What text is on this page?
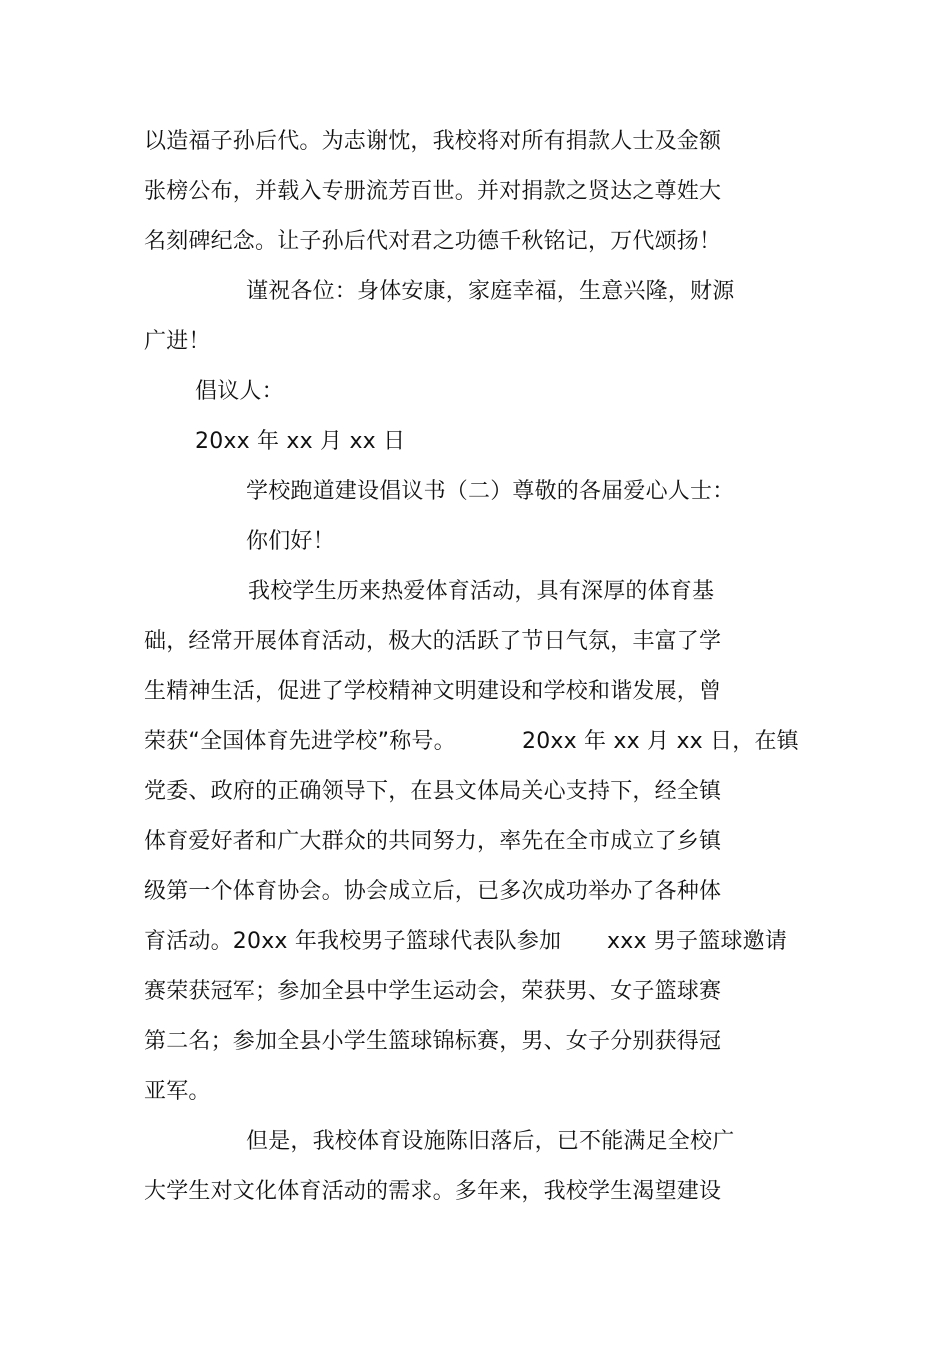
以造福子孙后代。为志谢忱，我校将对所有捐款人士及金额
张榜公布，并载入专册流芳百世。并对捐款之贤达之尊姓大
名刻碑纪念。让子孙后代对君之功德千秋铭记，万代颂扬！
谨祝各位：身体安康，家庭幸福，生意兴隆，财源
广进！
倡议人：
20xx 年 xx 月 xx 日
学校跑道建设倡议书（二）尊敬的各届爱心人士：
你们好！
我校学生历来热爱体育活动，具有深厚的体育基
础，经常开展体育活动，极大的活跃了节日气氛，丰富了学
生精神生活，促进了学校精神文明建设和学校和谐发展，曾
荣获“全国体育先进学校”称号。	20xx 年 xx 月 xx 日，在镇
党委、政府的正确领导下，在县文体局关心支持下，经全镇
体育爱好者和广大群众的共同努力，率先在全市成立了乡镇
级第一个体育协会。协会成立后，已多次成功举办了各种体
育活动。20xx 年我校男子篮球代表队参加 xxx 男子篮球邀请
赛荣获冠军；参加全县中学生运动会，荣获男、女子篮球赛
第二名；参加全县小学生篮球锦标赛，男、女子分别获得冠
亚军。
但是，我校体育设施陈旧落后，已不能满足全校广
大学生对文化体育活动的需求。多年来，我校学生渴望建设
